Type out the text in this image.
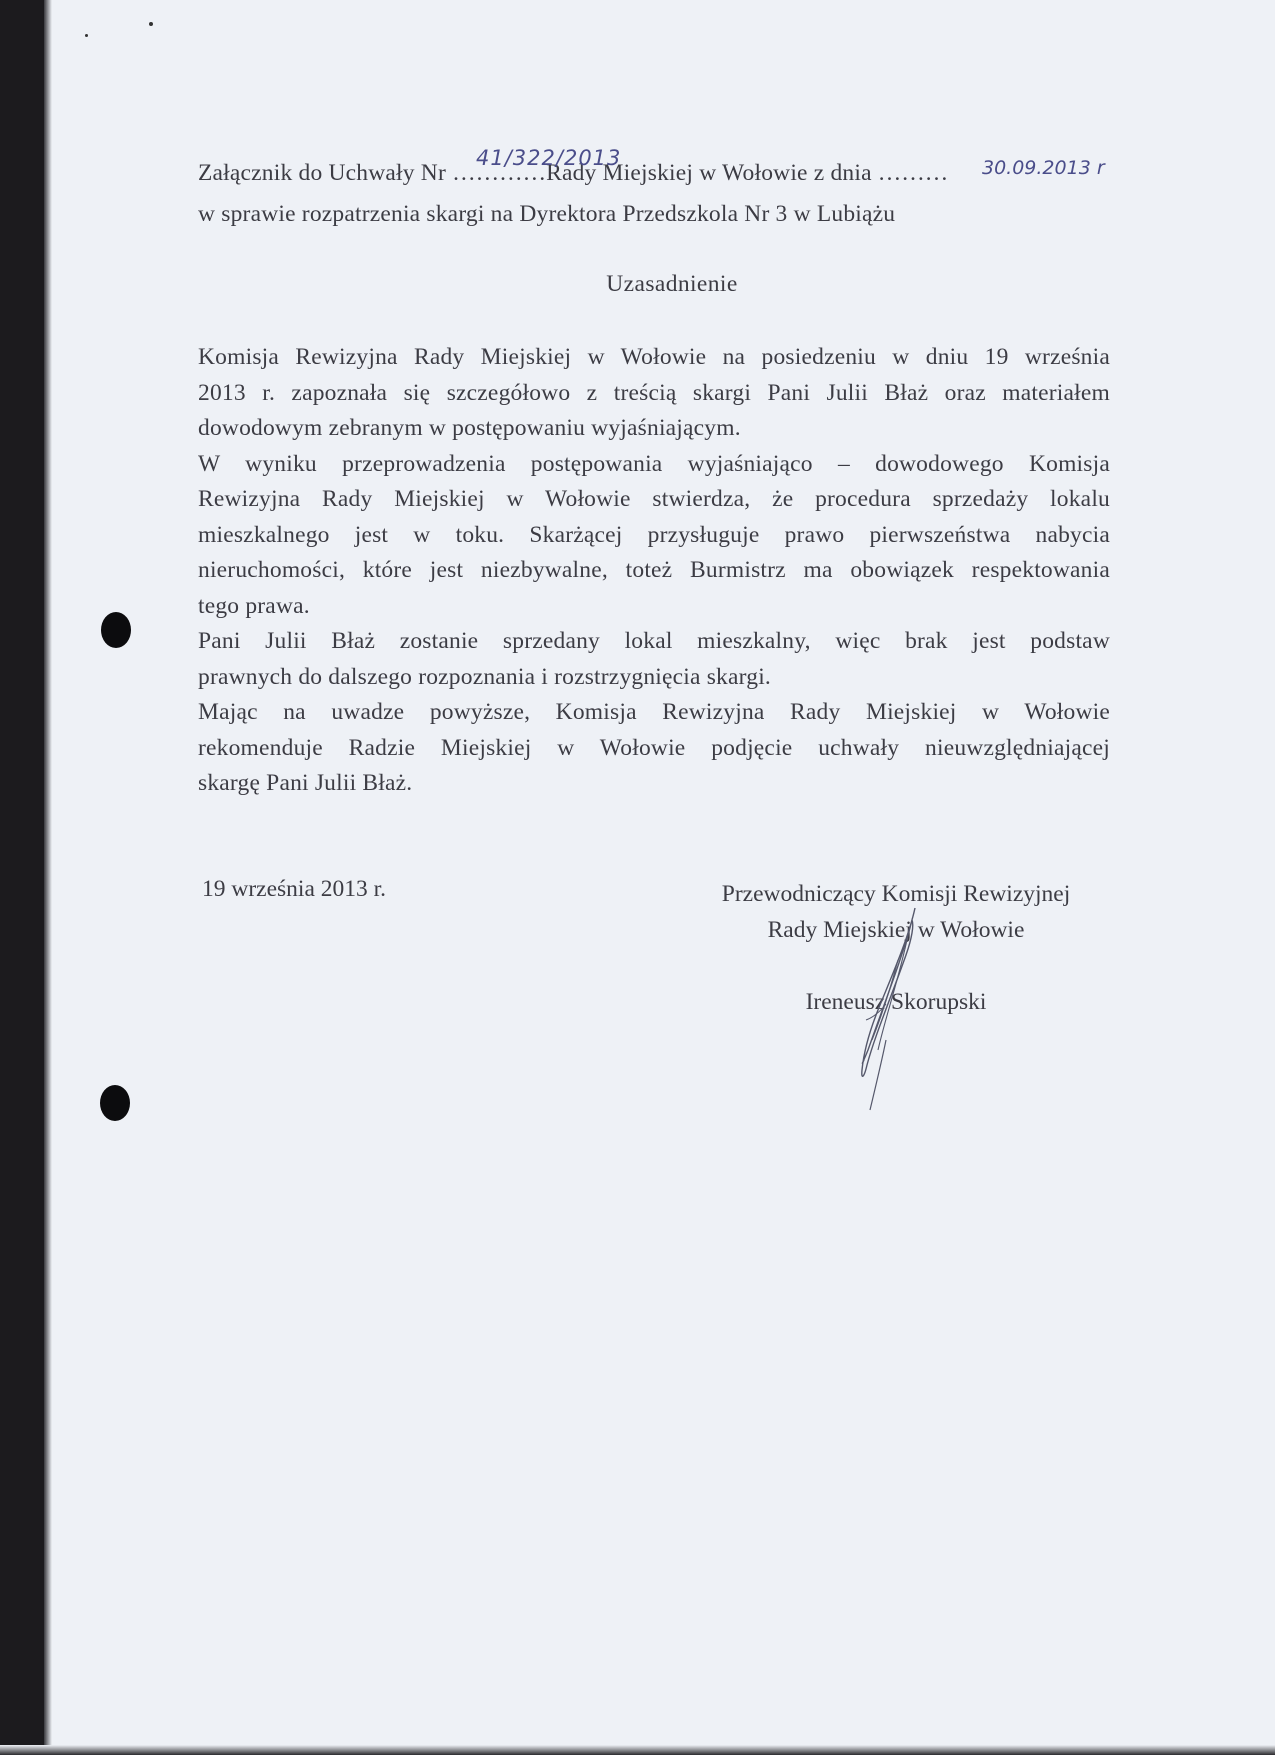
Załącznik do Uchwały Nr …………Rady Miejskiej w Wołowie z dnia ………
41/322/2013	30.09.2013 r
w sprawie rozpatrzenia skargi na Dyrektora Przedszkola Nr 3 w Lubiążu
Uzasadnienie
Komisja Rewizyjna Rady Miejskiej w Wołowie na posiedzeniu w dniu 19 września
2013 r. zapoznała się szczegółowo z treścią skargi Pani Julii Błaż oraz materiałem
dowodowym zebranym w postępowaniu wyjaśniającym.
W wyniku przeprowadzenia postępowania wyjaśniająco – dowodowego Komisja
Rewizyjna Rady Miejskiej w Wołowie stwierdza, że procedura sprzedaży lokalu
mieszkalnego jest w toku. Skarżącej przysługuje prawo pierwszeństwa nabycia
nieruchomości, które jest niezbywalne, toteż Burmistrz ma obowiązek respektowania
tego prawa.
Pani Julii Błaż zostanie sprzedany lokal mieszkalny, więc brak jest podstaw
prawnych do dalszego rozpoznania i rozstrzygnięcia skargi.
Mając na uwadze powyższe, Komisja Rewizyjna Rady Miejskiej w Wołowie
rekomenduje Radzie Miejskiej w Wołowie podjęcie uchwały nieuwzględniającej
skargę Pani Julii Błaż.
19 września 2013 r.	Przewodniczący Komisji Rewizyjnej
Rady Miejskiej w Wołowie
Ireneusz Skorupski
